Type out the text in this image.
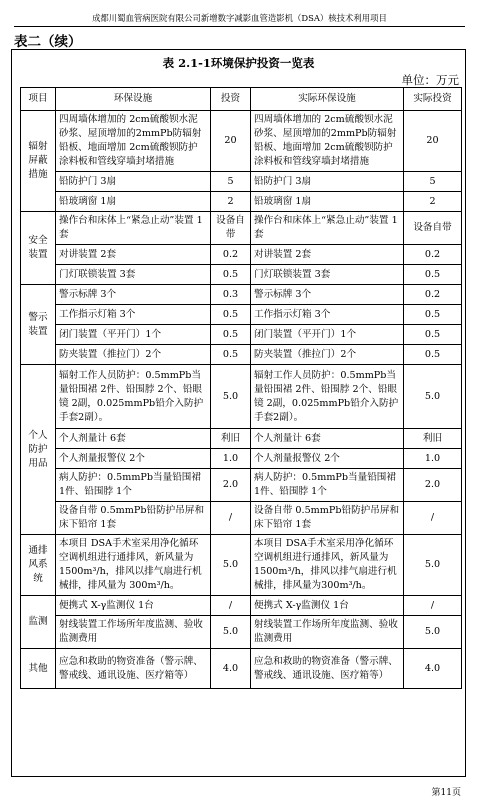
成都川蜀血管病医院有限公司新增数字减影血管造影机（DSA）核技术利用项目
表二（续）
表 2.1-1环境保护投资一览表
单位：万元
项目	环保设施	投资	实际环保设施	实际投资
辐射屏蔽措施	四周墙体增加的 2cm硫酸钡水泥砂浆、屋顶增加的2mmPb防辐射铅板、地面增加 2cm硫酸钡防护涂料板和管线穿墙封堵措施	20	四周墙体增加的 2cm硫酸钡水泥砂浆、屋顶增加的2mmPb防辐射铅板、地面增加 2cm硫酸钡防护涂料板和管线穿墙封堵措施	20
	铅防护门 3扇	5	铅防护门 3扇	5
	铅玻璃窗 1扇	2	铅玻璃窗 1扇	2
安全装置	操作台和床体上“紧急止动”装置 1套	设备自带	操作台和床体上“紧急止动”装置 1套	设备自带
	对讲装置 2套	0.2	对讲装置 2套	0.2
	门灯联锁装置 3套	0.5	门灯联锁装置 3套	0.5
警示装置	警示标牌 3个	0.3	警示标牌 3个	0.2
	工作指示灯箱 3个	0.5	工作指示灯箱 3个	0.5
	闭门装置（平开门）1个	0.5	闭门装置（平开门）1个	0.5
	防夹装置（推拉门）2个	0.5	防夹装置（推拉门）2个	0.5
个人防护用品	辐射工作人员防护：0.5mmPb当量铅围裙 2件、铅围脖 2个、铅眼镜 2副，0.025mmPb铅介入防护手套2副）。	5.0	辐射工作人员防护：0.5mmPb当量铅围裙 2件、铅围脖 2个、铅眼镜 2副，0.025mmPb铅介入防护手套2副）。	5.0
	个人剂量计 6套	利旧	个人剂量计 6套	利旧
	个人剂量报警仪 2个	1.0	个人剂量报警仪 2个	1.0
	病人防护：0.5mmPb当量铅围裙 1件、铅围脖 1个	2.0	病人防护：0.5mmPb当量铅围裙 1件、铅围脖 1个	2.0
	设备自带 0.5mmPb铅防护吊屏和床下铅帘 1套	/	设备自带 0.5mmPb铅防护吊屏和床下铅帘 1套	/
通排风系统	本项目 DSA手术室采用净化循环空调机组进行通排风，新风量为 1500m³/h，排风以排气扇进行机械排，排风量为 300m³/h。	5.0	本项目 DSA手术室采用净化循环空调机组进行通排风，新风量为 1500m³/h，排风以排气扇进行机械排，排风量为300m³/h。	5.0
监测	便携式 X-γ监测仪 1台	/	便携式 X-γ监测仪 1台	/
	射线装置工作场所年度监测、验收监测费用	5.0	射线装置工作场所年度监测、验收监测费用	5.0
其他	应急和救助的物资准备（警示牌、警戒线、通讯设施、医疗箱等）	4.0	应急和救助的物资准备（警示牌、警戒线、通讯设施、医疗箱等）	4.0
第11页
